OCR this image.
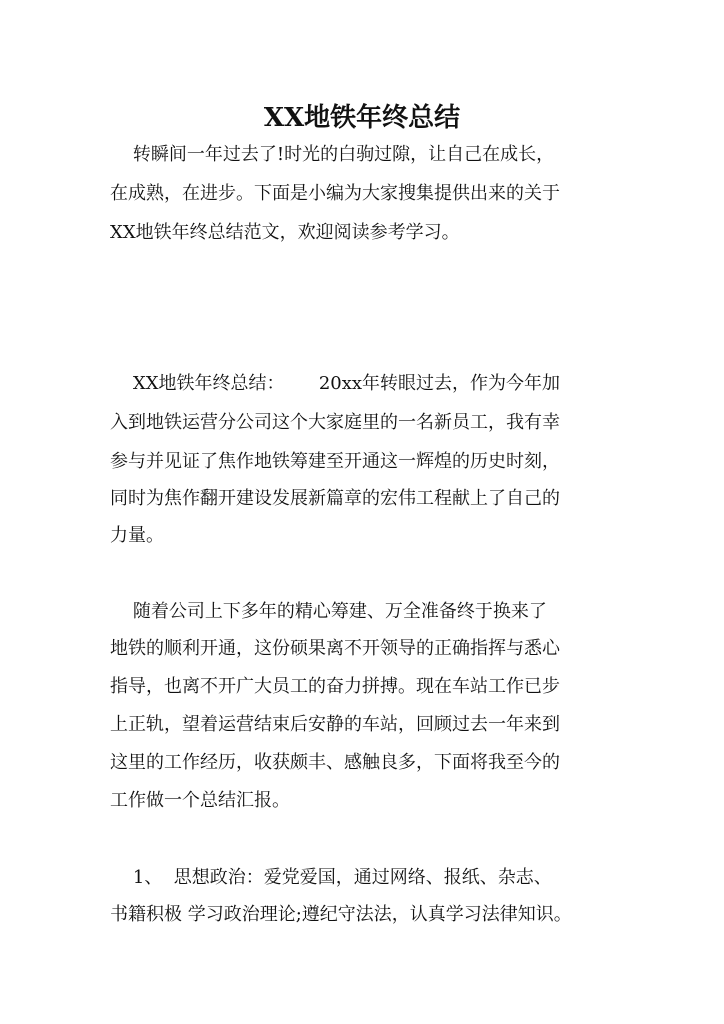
XX地铁年终总结
转瞬间一年过去了!时光的白驹过隙，让自己在成长，
在成熟，在进步。下面是小编为大家搜集提供出来的关于
XX地铁年终总结范文，欢迎阅读参考学习。
XX地铁年终总结：      20xx年转眼过去，作为今年加
入到地铁运营分公司这个大家庭里的一名新员工，我有幸
参与并见证了焦作地铁筹建至开通这一辉煌的历史时刻，
同时为焦作翻开建设发展新篇章的宏伟工程献上了自己的
力量。
随着公司上下多年的精心筹建、万全准备终于换来了
地铁的顺利开通，这份硕果离不开领导的正确指挥与悉心
指导，也离不开广大员工的奋力拼搏。现在车站工作已步
上正轨，望着运营结束后安静的车站，回顾过去一年来到
这里的工作经历，收获颇丰、感触良多，下面将我至今的
工作做一个总结汇报。
1、  思想政治：爱党爱国，通过网络、报纸、杂志、
书籍积极 学习政治理论;遵纪守法法，认真学习法律知识。
